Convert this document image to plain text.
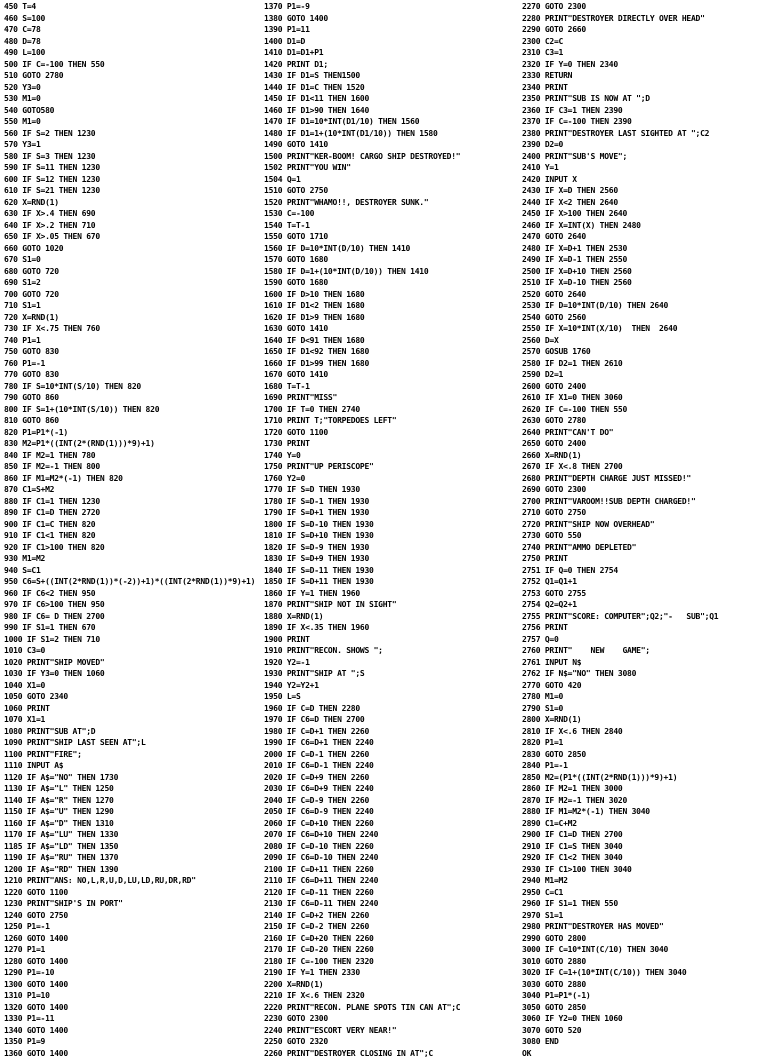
450 T=4
460 S=100
470 C=78
480 D=78
490 L=100
500 IF C=-100 THEN 550
510 GOTO 2780
520 Y3=0
530 M1=0
540 GOTO580
550 M1=0
560 IF S=2 THEN 1230
570 Y3=1
580 IF S=3 THEN 1230
590 IF S=11 THEN 1230
600 IF S=12 THEN 1230
610 IF S=21 THEN 1230
620 X=RND(1)
630 IF X>.4 THEN 690
640 IF X>.2 THEN 710
650 IF X>.05 THEN 670
660 GOTO 1020
670 S1=0
680 GOTO 720
690 S1=2
700 GOTO 720
710 S1=1
720 X=RND(1)
730 IF X<.75 THEN 760
740 P1=1
750 GOTO 830
760 P1=-1
770 GOTO 830
780 IF S=10*INT(S/10) THEN 820
790 GOTO 860
800 IF S=1+(10*INT(S/10)) THEN 820
810 GOTO 860
820 P1=P1*(-1)
830 M2=P1*((INT(2*(RND(1)))*9)+1)
840 IF M2=1 THEN 780
850 IF M2=-1 THEN 800
860 IF M1=M2*(-1) THEN 820
870 C1=S+M2
880 IF C1=1 THEN 1230
890 IF C1=D THEN 2720
900 IF C1=C THEN 820
910 IF C1<1 THEN 820
920 IF C1>100 THEN 820
930 M1=M2
940 S=C1
950 C6=S+((INT(2*RND(1))*(-2))+1)*((INT(2*RND(1))*9)+1)
960 IF C6<2 THEN 950
970 IF C6>100 THEN 950
980 IF C6= D THEN 2700
990 IF S1=1 THEN 670
1000 IF S1=2 THEN 710
1010 C3=0
1020 PRINT"SHIP MOVED"
1030 IF Y3=0 THEN 1060
1040 X1=0
1050 GOTO 2340
1060 PRINT
1070 X1=1
1080 PRINT"SUB AT";D
1090 PRINT"SHIP LAST SEEN AT";L
1100 PRINT"FIRE";
1110 INPUT A$
1120 IF A$="NO" THEN 1730
1130 IF A$="L" THEN 1250
1140 IF A$="R" THEN 1270
1150 IF A$="U" THEN 1290
1160 IF A$="D" THEN 1310
1170 IF A$="LU" THEN 1330
1185 IF A$="LD" THEN 1350
1190 IF A$="RU" THEN 1370
1200 IF A$="RD" THEN 1390
1210 PRINT"ANS: NO,L,R,U,D,LU,LD,RU,DR,RD"
1220 GOTO 1100
1230 PRINT"SHIP'S IN PORT"
1240 GOTO 2750
1250 P1=-1
1260 GOTO 1400
1270 P1=1
1280 GOTO 1400
1290 P1=-10
1300 GOTO 1400
1310 P1=10
1320 GOTO 1400
1330 P1=-11
1340 GOTO 1400
1350 P1=9
1360 GOTO 1400
1370 P1=-9
1380 GOTO 1400
1390 P1=11
1400 D1=D
1410 D1=D1+P1
1420 PRINT D1;
1430 IF D1=S THEN1500
1440 IF D1=C THEN 1520
1450 IF D1<11 THEN 1600
1460 IF D1>90 THEN 1640
1470 IF D1=10*INT(D1/10) THEN 1560
1480 IF D1=1+(10*INT(D1/10)) THEN 1580
1490 GOTO 1410
1500 PRINT"KER-BOOM! CARGO SHIP DESTROYED!"
1502 PRINT"YOU WIN"
1504 Q=1
1510 GOTO 2750
1520 PRINT"WHAMO!!, DESTROYER SUNK."
1530 C=-100
1540 T=T-1
1550 GOTO 1710
1560 IF D=10*INT(D/10) THEN 1410
1570 GOTO 1680
1580 IF D=1+(10*INT(D/10)) THEN 1410
1590 GOTO 1680
1600 IF D>10 THEN 1680
1610 IF D1<2 THEN 1680
1620 IF D1>9 THEN 1680
1630 GOTO 1410
1640 IF D<91 THEN 1680
1650 IF D1<92 THEN 1680
1660 IF D1>99 THEN 1680
1670 GOTO 1410
1680 T=T-1
1690 PRINT"MISS"
1700 IF T=0 THEN 2740
1710 PRINT T;"TORPEDOES LEFT"
1720 GOTO 1100
1730 PRINT
1740 Y=0
1750 PRINT"UP PERISCOPE"
1760 Y2=0
1770 IF S=D THEN 1930
1780 IF S=D-1 THEN 1930
1790 IF S=D+1 THEN 1930
1800 IF S=D-10 THEN 1930
1810 IF S=D+10 THEN 1930
1820 IF S=D-9 THEN 1930
1830 IF S=D+9 THEN 1930
1840 IF S=D-11 THEN 1930
1850 IF S=D+11 THEN 1930
1860 IF Y=1 THEN 1960
1870 PRINT"SHIP NOT IN SIGHT"
1880 X=RND(1)
1890 IF X<.35 THEN 1960
1900 PRINT
1910 PRINT"RECON. SHOWS ";
1920 Y2=-1
1930 PRINT"SHIP AT ";S
1940 Y2=Y2+1
1950 L=S
1960 IF C=D THEN 2280
1970 IF C6=D THEN 2700
1980 IF C=D+1 THEN 2260
1990 IF C6=D+1 THEN 2240
2000 IF C=D-1 THEN 2260
2010 IF C6=D-1 THEN 2240
2020 IF C=D+9 THEN 2260
2030 IF C6=D+9 THEN 2240
2040 IF C=D-9 THEN 2260
2050 IF C6=D-9 THEN 2240
2060 IF C=D+10 THEN 2260
2070 IF C6=D+10 THEN 2240
2080 IF C=D-10 THEN 2260
2090 IF C6=D-10 THEN 2240
2100 IF C=D+11 THEN 2260
2110 IF C6=D+11 THEN 2240
2120 IF C=D-11 THEN 2260
2130 IF C6=D-11 THEN 2240
2140 IF C=D+2 THEN 2260
2150 IF C=D-2 THEN 2260
2160 IF C=D+20 THEN 2260
2170 IF C=D-20 THEN 2260
2180 IF C=-100 THEN 2320
2190 IF Y=1 THEN 2330
2200 X=RND(1)
2210 IF X<.6 THEN 2320
2220 PRINT"RECON. PLANE SPOTS TIN CAN AT";C
2230 GOTO 2300
2240 PRINT"ESCORT VERY NEAR!"
2250 GOTO 2320
2260 PRINT"DESTROYER CLOSING IN AT";C
2270 GOTO 2300
2280 PRINT"DESTROYER DIRECTLY OVER HEAD"
2290 GOTO 2660
2300 C2=C
2310 C3=1
2320 IF Y=0 THEN 2340
2330 RETURN
2340 PRINT
2350 PRINT"SUB IS NOW AT ";D
2360 IF C3=1 THEN 2390
2370 IF C=-100 THEN 2390
2380 PRINT"DESTROYER LAST SIGHTED AT ";C2
2390 D2=0
2400 PRINT"SUB'S MOVE";
2410 Y=1
2420 INPUT X
2430 IF X=D THEN 2560
2440 IF X<2 THEN 2640
2450 IF X>100 THEN 2640
2460 IF X=INT(X) THEN 2480
2470 GOTO 2640
2480 IF X=D+1 THEN 2530
2490 IF X=D-1 THEN 2550
2500 IF X=D+10 THEN 2560
2510 IF X=D-10 THEN 2560
2520 GOTO 2640
2530 IF D=10*INT(D/10) THEN 2640
2540 GOTO 2560
2550 IF X=10*INT(X/10)  THEN  2640
2560 D=X
2570 GOSUB 1760
2580 IF D2=1 THEN 2610
2590 D2=1
2600 GOTO 2400
2610 IF X1=0 THEN 3060
2620 IF C=-100 THEN 550
2630 GOTO 2780
2640 PRINT"CAN'T DO"
2650 GOTO 2400
2660 X=RND(1)
2670 IF X<.8 THEN 2700
2680 PRINT"DEPTH CHARGE JUST MISSED!"
2690 GOTO 2300
2700 PRINT"VAROOM!!SUB DEPTH CHARGED!"
2710 GOTO 2750
2720 PRINT"SHIP NOW OVERHEAD"
2730 GOTO 550
2740 PRINT"AMMO DEPLETED"
2750 PRINT
2751 IF Q=0 THEN 2754
2752 Q1=Q1+1
2753 GOTO 2755
2754 Q2=Q2+1
2755 PRINT"SCORE: COMPUTER";Q2;"-   SUB";Q1
2756 PRINT
2757 Q=0
2760 PRINT"    NEW    GAME";
2761 INPUT N$
2762 IF N$="NO" THEN 3080
2770 GOTO 420
2780 M1=0
2790 S1=0
2800 X=RND(1)
2810 IF X<.6 THEN 2840
2820 P1=1
2830 GOTO 2850
2840 P1=-1
2850 M2=(P1*((INT(2*RND(1)))*9)+1)
2860 IF M2=1 THEN 3000
2870 IF M2=-1 THEN 3020
2880 IF M1=M2*(-1) THEN 3040
2890 C1=C+M2
2900 IF C1=D THEN 2700
2910 IF C1=S THEN 3040
2920 IF C1<2 THEN 3040
2930 IF C1>100 THEN 3040
2940 M1=M2
2950 C=C1
2960 IF S1=1 THEN 550
2970 S1=1
2980 PRINT"DESTROYER HAS MOVED"
2990 GOTO 2800
3000 IF C=10*INT(C/10) THEN 3040
3010 GOTO 2880
3020 IF C=1+(10*INT(C/10)) THEN 3040
3030 GOTO 2880
3040 P1=P1*(-1)
3050 GOTO 2850
3060 IF Y2=0 THEN 1060
3070 GOTO 520
3080 END
OK
